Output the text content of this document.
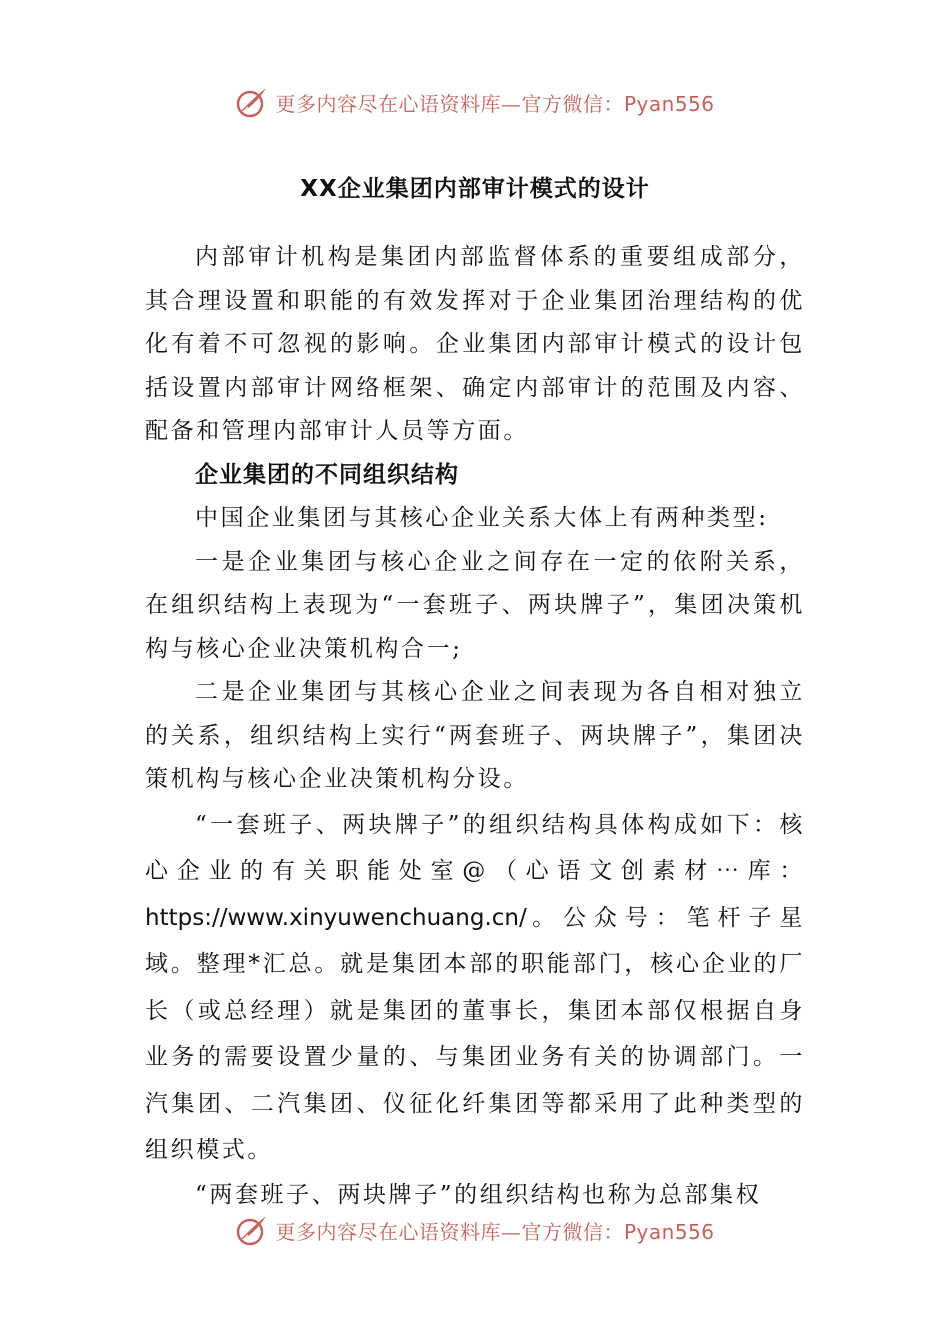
更多内容尽在心语资料库—官方微信：Pyan556
XX企业集团内部审计模式的设计

内部审计机构是集团内部监督体系的重要组成部分，其合理设置和职能的有效发挥对于企业集团治理结构的优化有着不可忽视的影响。企业集团内部审计模式的设计包括设置内部审计网络框架、确定内部审计的范围及内容、配备和管理内部审计人员等方面。

企业集团的不同组织结构

中国企业集团与其核心企业关系大体上有两种类型:

一是企业集团与核心企业之间存在一定的依附关系，在组织结构上表现为“一套班子、两块牌子”，集团决策机构与核心企业决策机构合一;

二是企业集团与其核心企业之间表现为各自相对独立的关系，组织结构上实行“两套班子、两块牌子”，集团决策机构与核心企业决策机构分设。

“一套班子、两块牌子”的组织结构具体构成如下：核心企业的有关职能处室@（心语文创素材⋯库：https://www.xinyuwenchuang.cn/。公众号：笔杆子星域。整理*汇总。就是集团本部的职能部门，核心企业的厂长（或总经理）就是集团的董事长，集团本部仅根据自身业务的需要设置少量的、与集团业务有关的协调部门。一汽集团、二汽集团、仪征化纤集团等都采用了此种类型的组织模式。

“两套班子、两块牌子”的组织结构也称为总部集权

更多内容尽在心语资料库—官方微信：Pyan556
